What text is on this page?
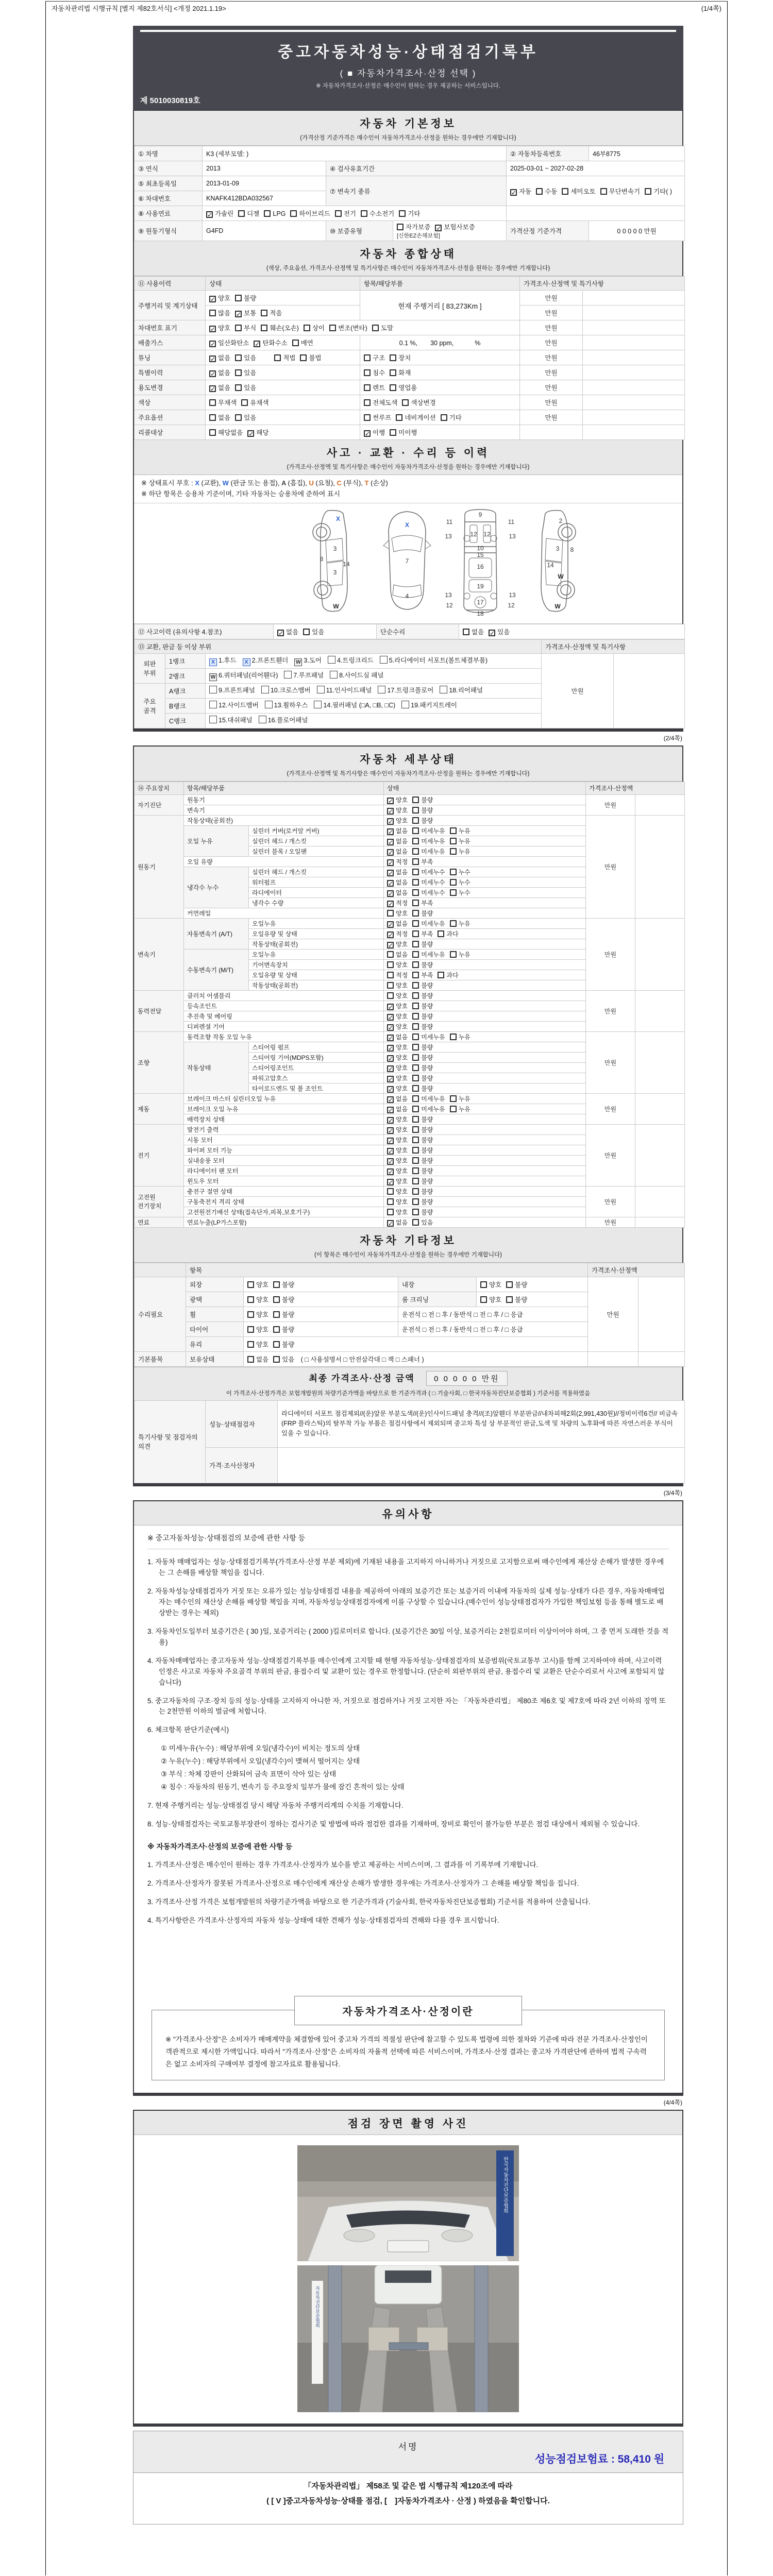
자동차관리법 시행규칙 [별지 제82호서식] <개정 2021.1.19>	(1/4쪽)
중고자동차성능·상태점검기록부
( ■ 자동차가격조사·산정 선택 )
※ 자동차가격조사·산정은 매수인이 원하는 경우 제공하는 서비스입니다.
제 5010030819호
자동차 기본정보
(가격산정 기준가격은 매수인이 자동차가격조사·산정을 원하는 경우에만 기재합니다)
① 차명	K3 (세부모델: )			② 자동차등록번호	46부8775
③ 연식	2013	④ 검사유효기간		2025-03-01 ~ 2027-02-28	
⑤ 최초등록일	2013-01-09	⑦ 변속기 종류		✓ 자동 수동 세미오토 무단변속기 기타( )	
⑥ 차대번호	KNAFK412BDA032567				
⑧ 사용연료	✓ 가솔린 디젤 LPG 하이브리드 전기 수소전기 기타				
⑨ 원동기형식	G4FD	⑩ 보증유형	자가보증 ✓ 보험사보증 [신한EZ손해보험]	가격산정 기준가격	0 0 0 0 0 만원
자동차 종합상태
(색상, 주요옵션, 가격조사·산정액 및 특기사항은 매수인이 자동차가격조사·산정을 원하는 경우에만 기재합니다)
⑪ 사용이력	상태	항목/해당부품	가격조사·산정액 및 특기사항	
주행거리 및 계기상태	✓ 양호 불량	현재 주행거리 [ 83,273Km ]	만원	
	많음 ✓ 보통 적음		만원	
차대번호 표기	✓ 양호 부식 훼손(오손) 상이 변조(변타) 도말		만원	
배출가스	✓ 일산화탄소 ✓ 탄화수소 매연	0.1 %,　　30 ppm,　　　 %	만원	
튜닝	✓ 없음 있음 적법 불법	구조 장치	만원	
특별이력	✓ 없음 있음	침수 화재	만원	
용도변경	✓ 없음 있음	렌트 영업용	만원	
색상	무채색 유채색	전체도색 색상변경	만원	
주요옵션	없음 있음	썬루프 네비게이션 기타	만원	
리콜대상	해당없음 ✓ 해당	✓ 이행 미이행		
사고 · 교환 · 수리 등 이력
(가격조사·산정액 및 특기사항은 매수인이 자동차가격조사·산정을 원하는 경우에만 기재합니다)
※ 상태표시 부호 : X (교환), W (판금 또는 용접), A (흠집), U (요철), C (부식), T (손상)
※ 하단 항목은 승용차 기준이며, 기타 자동차는 승용차에 준하여 표시
X
8
3
3
14
W
X
7
4
9
11	11
13	13
12 12
10
15
16
19
17
18
13	13
12	12
2
3 8
14
W
W
⑫ 사고이력 (유의사항 4.참조)	✓ 없음 있음	단순수리	없음 ✓ 있음
⑬ 교환, 판금 등 이상 부위			가격조사·산정액 및 특기사항	
외판 부위	1랭크	X 1.후드 X 2.프론트휀더 W 3.도어 4.트렁크리드 5.라디에이터 서포트(볼트체결부품)	만원	
	2랭크	W 6.쿼터패널(리어휀다) 7.루프패널 8.사이드실 패널		
주요 골격	A랭크	9.프론트패널 10.크로스멤버 11.인사이드패널 17.트렁크플로어 18.리어패널		
	B랭크	12.사이드멤버 13.휠하우스 14.필러패널 (□A, □B, □C) 19.패키지트레이		
	C랭크	15.대쉬패널 16.플로어패널		
(2/4쪽)
자동차 세부상태
(가격조사·산정액 및 특기사항은 매수인이 자동차가격조사·산정을 원하는 경우에만 기재합니다)
⑭ 주요장치	항목/해당부품		상태	가격조사·산정액	
자기진단	원동기		✓ 양호 불량	만원	
	변속기		✓ 양호 불량		
원동기	작동상태(공회전)		✓ 양호 불량	만원	
	오일 누유	실린더 커버(로커암 커버)	✓ 없음 미세누유 누유		
		실린더 헤드 / 개스킷	✓ 없음 미세누유 누유		
		실린더 블록 / 오일팬	✓ 없음 미세누유 누유		
	오일 유량		✓ 적정 부족		
	냉각수 누수	실린더 헤드 / 개스킷	✓ 없음 미세누수 누수		
		워터펌프	✓ 없음 미세누수 누수		
		라디에이터	✓ 없음 미세누수 누수		
		냉각수 수량	✓ 적정 부족		
	커먼레일		양호 불량		
변속기	자동변속기 (A/T)	오일누유	✓ 없음 미세누유 누유	만원	
		오일유량 및 상태	✓ 적정 부족 과다		
		작동상태(공회전)	✓ 양호 불량		
	수동변속기 (M/T)	오일누유	없음 미세누유 누유		
		기어변속장치	양호 불량		
		오일유량 및 상태	적정 부족 과다		
		작동상태(공회전)	양호 불량		
동력전달	클러치 어셈블리		양호 불량	만원	
	등속조인트		✓ 양호 불량		
	추진축 및 베어링		✓ 양호 불량		
	디퍼렌셜 기어		✓ 양호 불량		
조향	동력조향 작동 오일 누유		✓ 없음 미세누유 누유	만원	
	작동상태	스티어링 펌프	✓ 양호 불량		
		스티어링 기어(MDPS포함)	✓ 양호 불량		
		스티어링조인트	✓ 양호 불량		
		파워고압호스	✓ 양호 불량		
		타이로드엔드 및 볼 조인트	✓ 양호 불량		
제동	브레이크 마스터 실린더오일 누유		✓ 없음 미세누유 누유	만원	
	브레이크 오일 누유		✓ 없음 미세누유 누유		
	배력장치 상태		✓ 양호 불량		
전기	발전기 출력		✓ 양호 불량	만원	
	시동 모터		✓ 양호 불량		
	와이퍼 모터 기능		✓ 양호 불량		
	실내송풍 모터		✓ 양호 불량		
	라디에이터 팬 모터		✓ 양호 불량		
	윈도우 모터		✓ 양호 불량		
고전원 전기장치	충전구 절연 상태		양호 불량	만원	
	구동축전지 격리 상태		양호 불량		
	고전원전기배선 상태(접속단자,피복,보호기구)		양호 불량		
연료	연료누출(LP가스포함)		✓ 없음 있음	만원	
자동차 기타정보
(이 항목은 매수인이 자동차가격조사·산정을 원하는 경우에만 기재합니다)
	항목				가격조사·산정액	
수리필요	외장	양호 불량	내장	양호 불량	만원	
	광택	양호 불량	룸 크리닝	양호 불량		
	휠	양호 불량	운전석 □ 전 □ 후 / 동반석 □ 전 □ 후 / □ 응급			
	타이어	양호 불량	운전석 □ 전 □ 후 / 동반석 □ 전 □ 후 / □ 응급			
	유리	양호 불량				
기본품목	보유상태	없음 있음 ( □ 사용설명서 □ 안전삼각대 □ 잭 □ 스패너 )				
최종 가격조사·산정 금액 0 0 0 0 0 만원
이 가격조사·산정가격은 보험개발원의 차량기준가액을 바탕으로 한 기준가격과 ( □ 기술사회, □ 한국자동차진단보증협회 ) 기준서를 적용하였음
특기사항 및 점검자의 의견	성능·상태점검자	라디에이터 서포트 점검제외//(운)앞문 부분도색//(운)인사이드패널 충격//(조)앞휀더 부분판금//내차피해2회(2,991,430원)//정비이력6건// 비금속(FRP 플라스틱)의 탈부착 가능 부품은 점검사항에서 제외되며 중고차 특성 상 부분적인 판금,도색 및 차량의 노후화에 따른 자연스러운 부식이 있을 수 있습니다.
	가격·조사산정자	
(3/4쪽)
유의사항
※ 중고자동차성능·상태점검의 보증에 관한 사항 등
1. 자동차 매매업자는 성능·상태점검기록부(가격조사·산정 부분 제외)에 기재된 내용을 고지하지 아니하거나 거짓으로 고지함으로써 매수인에게 재산상 손해가 발생한 경우에는 그 손해를 배상할 책임을 집니다.
2. 자동차성능상태점검자가 거짓 또는 오류가 있는 성능상태점검 내용을 제공하여 아래의 보증기간 또는 보증거리 이내에 자동차의 실제 성능·상태가 다른 경우, 자동차매매업자는 매수인의 재산상 손해를 배상할 책임을 지며, 자동차성능상태점검자에게 이를 구상할 수 있습니다.(매수인이 성능상태점검자가 가입한 책임보험 등을 통해 별도로 배상받는 경우는 제외)
3. 자동차인도일부터 보증기간은 ( 30 )일, 보증거리는 ( 2000 )킬로미터로 합니다. (보증기간은 30일 이상, 보증거리는 2천킬로미터 이상이어야 하며, 그 중 먼저 도래한 것을 적용)
4. 자동차매매업자는 중고자동차 성능·상태점검기록부를 매수인에게 고지할 때 현행 자동차성능·상태점검자의 보증범위(국토교통부 고시)를 함께 고지하여야 하며, 사고이력 인정은 사고로 자동차 주요골격 부위의 판금, 용접수리 및 교환이 있는 경우로 한정합니다. (단순히 외판부위의 판금, 용접수리 및 교환은 단순수리로서 사고에 포함되지 않습니다)
5. 중고자동차의 구조·장치 등의 성능·상태를 고지하지 아니한 자, 거짓으로 점검하거나 거짓 고지한 자는 「자동차관리법」 제80조 제6호 및 제7호에 따라 2년 이하의 징역 또는 2천만원 이하의 벌금에 처합니다.
6. 체크항목 판단기준(예시)
① 미세누유(누수) : 해당부위에 오일(냉각수)이 비치는 정도의 상태
② 누유(누수) : 해당부위에서 오일(냉각수)이 맺혀서 떨어지는 상태
③ 부식 : 차체 강판이 산화되어 금속 표면이 삭아 있는 상태
④ 침수 : 자동차의 원동기, 변속기 등 주요장치 일부가 물에 잠긴 흔적이 있는 상태
7. 현재 주행거리는 성능·상태점검 당시 해당 자동차 주행거리계의 수치를 기재합니다.
8. 성능·상태점검자는 국토교통부장관이 정하는 검사기준 및 방법에 따라 점검한 결과를 기재하며, 장비로 확인이 불가능한 부분은 점검 대상에서 제외될 수 있습니다.
※ 자동차가격조사·산정의 보증에 관한 사항 등
1. 가격조사·산정은 매수인이 원하는 경우 가격조사·산정자가 보수를 받고 제공하는 서비스이며, 그 결과를 이 기록부에 기재합니다.
2. 가격조사·산정자가 잘못된 가격조사·산정으로 매수인에게 재산상 손해가 발생한 경우에는 가격조사·산정자가 그 손해를 배상할 책임을 집니다.
3. 가격조사·산정 가격은 보험개발원의 차량기준가액을 바탕으로 한 기준가격과 (기술사회, 한국자동차진단보증협회) 기준서를 적용하여 산출됩니다.
4. 특기사항란은 가격조사·산정자의 자동차 성능·상태에 대한 견해가 성능·상태점검자의 견해와 다를 경우 표시합니다.
자동차가격조사·산정이란
※ "가격조사·산정"은 소비자가 매매계약을 체결함에 있어 중고차 가격의 적절성 판단에 참고할 수 있도록 법령에 의한 절차와 기준에 따라 전문 가격조사·산정인이 객관적으로 제시한 가액입니다. 따라서 "가격조사·산정"은 소비자의 자율적 선택에 따른 서비스이며, 가격조사·산정 결과는 중고차 가격판단에 관하여 법적 구속력은 없고 소비자의 구매여부 결정에 참고자료로 활용됩니다.
(4/4쪽)
점검 장면 촬영 사진
한국자동차진단보증협회
자동차진단보증협회
서명
성능점검보험료 : 58,410 원
「자동차관리법」 제58조 및 같은 법 시행규칙 제120조에 따라
( [ V ]중고자동차성능·상태를 점검, [　]자동차가격조사 · 산정 ) 하였음을 확인합니다.
